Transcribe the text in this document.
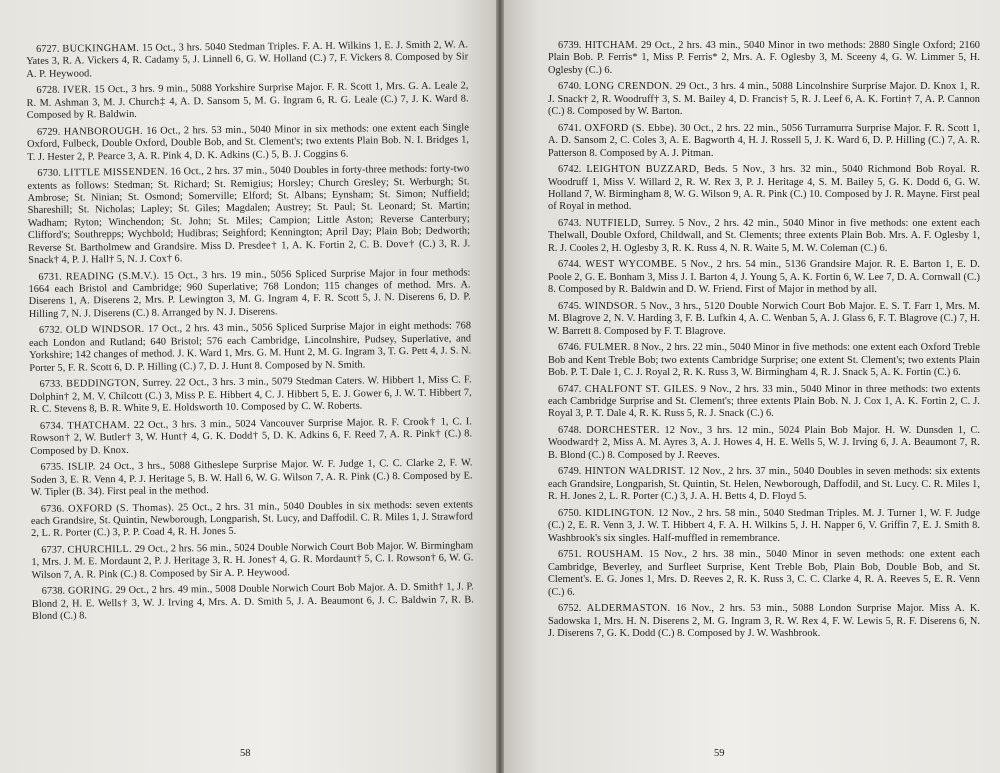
6727. BUCKINGHAM. 15 Oct., 3 hrs. 5040 Stedman Triples. F. A. H. Wilkins 1, E. J. Smith 2, W. A. Yates 3, R. A. Vickers 4, R. Cadamy 5, J. Linnell 6, G. W. Holland (C.) 7, F. Vickers 8. Composed by Sir A. P. Heywood.

6728. IVER. 15 Oct., 3 hrs. 9 min., 5088 Yorkshire Surprise Major. F. R. Scott 1, Mrs. G. A. Leale 2, R. M. Ashman 3, M. J. Church‡ 4, A. D. Sansom 5, M. G. Ingram 6, R. G. Leale (C.) 7, J. K. Ward 8. Composed by R. Baldwin.

6729. HANBOROUGH. 16 Oct., 2 hrs. 53 min., 5040 Minor in six methods: one extent each Single Oxford, Fulbeck, Double Oxford, Double Bob, and St. Clement's; two extents Plain Bob. N. I. Bridges 1, T. J. Hester 2, P. Pearce 3, A. R. Pink 4, D. K. Adkins (C.) 5, B. J. Coggins 6.

6730. LITTLE MISSENDEN. 16 Oct., 2 hrs. 37 min., 5040 Doubles in forty-three methods: forty-two extents as follows: Stedman; St. Richard; St. Remigius; Horsley; Church Gresley; St. Werburgh; St. Ambrose; St. Ninian; St. Osmond; Somerville; Elford; St. Albans; Eynsham; St. Simon; Nuffield; Shareshill; St. Nicholas; Lapley; St. Giles; Magdalen; Austrey; St. Paul; St. Leonard; St. Martin; Wadham; Ryton; Winchendon; St. John; St. Miles; Campion; Little Aston; Reverse Canterbury; Clifford's; Southrepps; Wychbold; Hudibras; Seighford; Kennington; April Day; Plain Bob; Dedworth; Reverse St. Bartholmew and Grandsire. Miss D. Presdee† 1, A. K. Fortin 2, C. B. Dove† (C.) 3, R. J. Snack† 4, P. J. Hall† 5, N. J. Cox† 6.

6731. READING (S.M.V.). 15 Oct., 3 hrs. 19 min., 5056 Spliced Surprise Major in four methods: 1664 each Bristol and Cambridge; 960 Superlative; 768 London; 115 changes of method. Mrs. A. Diserens 1, A. Diserens 2, Mrs. P. Lewington 3, M. G. Ingram 4, F. R. Scott 5, J. N. Diserens 6, D. P. Hilling 7, N. J. Diserens (C.) 8. Arranged by N. J. Diserens.

6732. OLD WINDSOR. 17 Oct., 2 hrs. 43 min., 5056 Spliced Surprise Major in eight methods: 768 each London and Rutland; 640 Bristol; 576 each Cambridge, Lincolnshire, Pudsey, Superlative, and Yorkshire; 142 changes of method. J. K. Ward 1, Mrs. G. M. Hunt 2, M. G. Ingram 3, T. G. Pett 4, J. S. N. Porter 5, F. R. Scott 6, D. P. Hilling (C.) 7, D. J. Hunt 8. Composed by N. Smith.

6733. BEDDINGTON, Surrey. 22 Oct., 3 hrs. 3 min., 5079 Stedman Caters. W. Hibbert 1, Miss C. F. Dolphin† 2, M. V. Chilcott (C.) 3, Miss P. E. Hibbert 4, C. J. Hibbert 5, E. J. Gower 6, J. W. T. Hibbert 7, R. C. Stevens 8, B. R. White 9, E. Holdsworth 10. Composed by C. W. Roberts.

6734. THATCHAM. 22 Oct., 3 hrs. 3 min., 5024 Vancouver Surprise Major. R. F. Crook† 1, C. I. Rowson† 2, W. Butler† 3, W. Hunt† 4, G. K. Dodd† 5, D. K. Adkins 6, F. Reed 7, A. R. Pink† (C.) 8. Composed by D. Knox.

6735. ISLIP. 24 Oct., 3 hrs., 5088 Githeslepe Surprise Major. W. F. Judge 1, C. C. Clarke 2, F. W. Soden 3, E. R. Venn 4, P. J. Heritage 5, B. W. Hall 6, W. G. Wilson 7, A. R. Pink (C.) 8. Composed by E. W. Tipler (B. 34). First peal in the method.

6736. OXFORD (S. Thomas). 25 Oct., 2 hrs. 31 min., 5040 Doubles in six methods: seven extents each Grandsire, St. Quintin, Newborough, Longparish, St. Lucy, and Daffodil. C. R. Miles 1, J. Strawford 2, L. R. Porter (C.) 3, P. P. Coad 4, R. H. Jones 5.

6737. CHURCHILL. 29 Oct., 2 hrs. 56 min., 5024 Double Norwich Court Bob Major. W. Birmingham 1, Mrs. J. M. E. Mordaunt 2, P. J. Heritage 3, R. H. Jones† 4, G. R. Mordaunt† 5, C. I. Rowson† 6, W. G. Wilson 7, A. R. Pink (C.) 8. Composed by Sir A. P. Heywood.

6738. GORING. 29 Oct., 2 hrs. 49 min., 5008 Double Norwich Court Bob Major. A. D. Smith† 1, J. P. Blond 2, H. E. Wells† 3, W. J. Irving 4, Mrs. A. D. Smith 5, J. A. Beaumont 6, J. C. Baldwin 7, R. B. Blond (C.) 8.

58

6739. HITCHAM. 29 Oct., 2 hrs. 43 min., 5040 Minor in two methods: 2880 Single Oxford; 2160 Plain Bob. P. Ferris* 1, Miss P. Ferris* 2, Mrs. A. F. Oglesby 3, M. Sceeny 4, G. W. Limmer 5, H. Oglesby (C.) 6.

6740. LONG CRENDON. 29 Oct., 3 hrs. 4 min., 5088 Lincolnshire Surprise Major. D. Knox 1, R. J. Snack† 2, R. Woodruff† 3, S. M. Bailey 4, D. Francis† 5, R. J. Leef 6, A. K. Fortin† 7, A. P. Cannon (C.) 8. Composed by W. Barton.

6741. OXFORD (S. Ebbe). 30 Oct., 2 hrs. 22 min., 5056 Turramurra Surprise Major. F. R. Scott 1, A. D. Sansom 2, C. Coles 3, A. E. Bagworth 4, H. J. Rossell 5, J. K. Ward 6, D. P. Hilling (C.) 7, A. R. Patterson 8. Composed by A. J. Pitman.

6742. LEIGHTON BUZZARD, Beds. 5 Nov., 3 hrs. 32 min., 5040 Richmond Bob Royal. R. Woodruff 1, Miss V. Willard 2, R. W. Rex 3, P. J. Heritage 4, S. M. Bailey 5, G. K. Dodd 6, G. W. Holland 7, W. Birmingham 8, W. G. Wilson 9, A. R. Pink (C.) 10. Composed by J. R. Mayne. First peal of Royal in method.

6743. NUTFIELD, Surrey. 5 Nov., 2 hrs. 42 min., 5040 Minor in five methods: one extent each Thelwall, Double Oxford, Childwall, and St. Clements; three extents Plain Bob. Mrs. A. F. Oglesby 1, R. J. Cooles 2, H. Oglesby 3, R. K. Russ 4, N. R. Waite 5, M. W. Coleman (C.) 6.

6744. WEST WYCOMBE. 5 Nov., 2 hrs. 54 min., 5136 Grandsire Major. R. E. Barton 1, E. D. Poole 2, G. E. Bonham 3, Miss J. I. Barton 4, J. Young 5, A. K. Fortin 6, W. Lee 7, D. A. Cornwall (C.) 8. Composed by R. Baldwin and D. W. Friend. First of Major in method by all.

6745. WINDSOR. 5 Nov., 3 hrs., 5120 Double Norwich Court Bob Major. E. S. T. Farr 1, Mrs. M. M. Blagrove 2, N. V. Harding 3, F. B. Lufkin 4, A. C. Wenban 5, A. J. Glass 6, F. T. Blagrove (C.) 7, H. W. Barrett 8. Composed by F. T. Blagrove.

6746. FULMER. 8 Nov., 2 hrs. 22 min., 5040 Minor in five methods: one extent each Oxford Treble Bob and Kent Treble Bob; two extents Cambridge Surprise; one extent St. Clement's; two extents Plain Bob. P. T. Dale 1, C. J. Royal 2, R. K. Russ 3, W. Birmingham 4, R. J. Snack 5, A. K. Fortin (C.) 6.

6747. CHALFONT ST. GILES. 9 Nov., 2 hrs. 33 min., 5040 Minor in three methods: two extents each Cambridge Surprise and St. Clement's; three extents Plain Bob. N. J. Cox 1, A. K. Fortin 2, C. J. Royal 3, P. T. Dale 4, R. K. Russ 5, R. J. Snack (C.) 6.

6748. DORCHESTER. 12 Nov., 3 hrs. 12 min., 5024 Plain Bob Major. H. W. Dunsden 1, C. Woodward† 2, Miss A. M. Ayres 3, A. J. Howes 4, H. E. Wells 5, W. J. Irving 6, J. A. Beaumont 7, R. B. Blond (C.) 8. Composed by J. Reeves.

6749. HINTON WALDRIST. 12 Nov., 2 hrs. 37 min., 5040 Doubles in seven methods: six extents each Grandsire, Longparish, St. Quintin, St. Helen, Newborough, Daffodil, and St. Lucy. C. R. Miles 1, R. H. Jones 2, L. R. Porter (C.) 3, J. A. H. Betts 4, D. Floyd 5.

6750. KIDLINGTON. 12 Nov., 2 hrs. 58 min., 5040 Stedman Triples. M. J. Turner 1, W. F. Judge (C.) 2, E. R. Venn 3, J. W. T. Hibbert 4, F. A. H. Wilkins 5, J. H. Napper 6, V. Griffin 7, E. J. Smith 8. Washbrook's six singles. Half-muffled in remembrance.

6751. ROUSHAM. 15 Nov., 2 hrs. 38 min., 5040 Minor in seven methods: one extent each Cambridge, Beverley, and Surfleet Surprise, Kent Treble Bob, Plain Bob, Double Bob, and St. Clement's. E. G. Jones 1, Mrs. D. Reeves 2, R. K. Russ 3, C. C. Clarke 4, R. A. Reeves 5, E. R. Venn (C.) 6.

6752. ALDERMASTON. 16 Nov., 2 hrs. 53 min., 5088 London Surprise Major. Miss A. K. Sadowska 1, Mrs. H. N. Diserens 2, M. G. Ingram 3, R. W. Rex 4, F. W. Lewis 5, R. F. Diserens 6, N. J. Diserens 7, G. K. Dodd (C.) 8. Composed by J. W. Washbrook.

59
